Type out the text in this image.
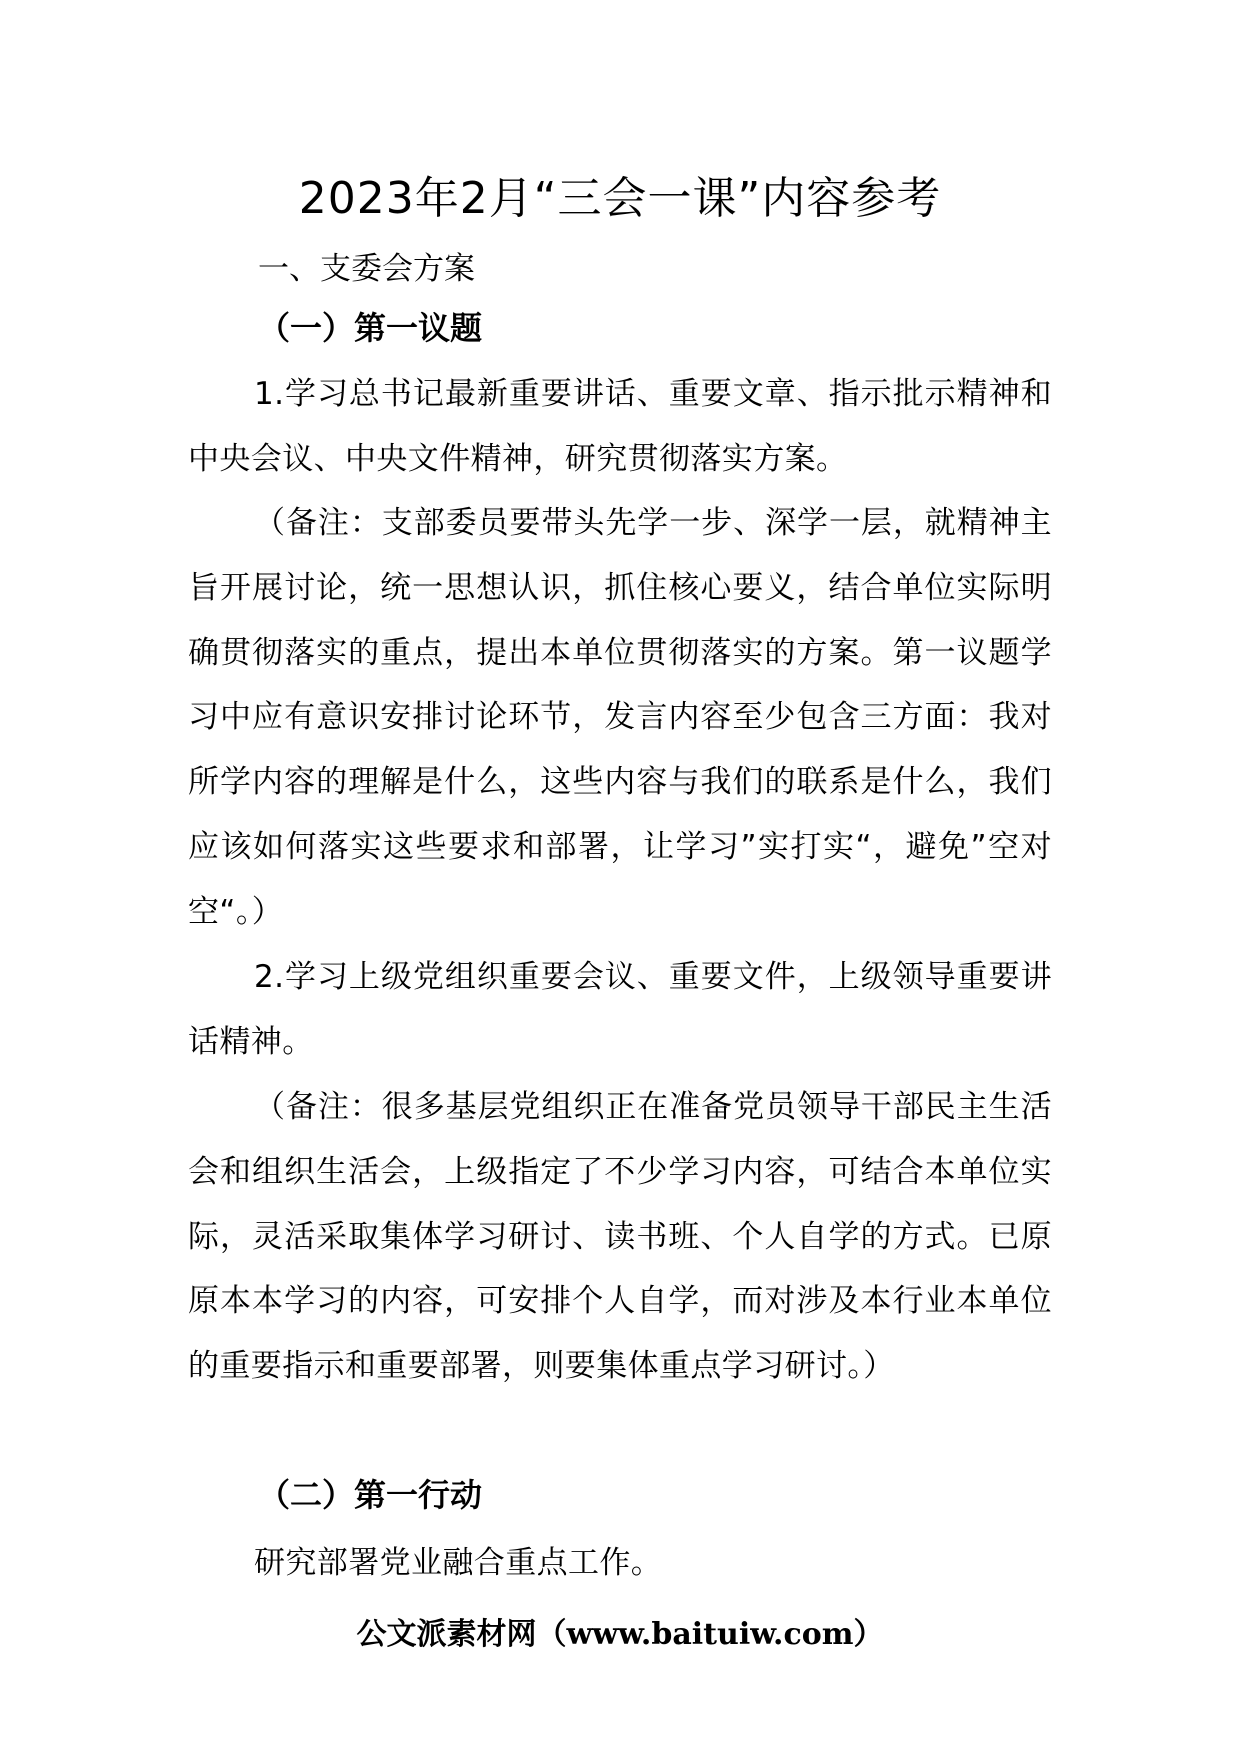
2023年2月“三会一课”内容参考
一、支委会方案
（一）第一议题
1.学习总书记最新重要讲话、重要文章、指示批示精神和中央会议、中央文件精神，研究贯彻落实方案。
（备注：支部委员要带头先学一步、深学一层，就精神主旨开展讨论，统一思想认识，抓住核心要义，结合单位实际明确贯彻落实的重点，提出本单位贯彻落实的方案。第一议题学习中应有意识安排讨论环节，发言内容至少包含三方面：我对所学内容的理解是什么，这些内容与我们的联系是什么，我们应该如何落实这些要求和部署，让学习”实打实“，避免”空对空“。）
2.学习上级党组织重要会议、重要文件，上级领导重要讲话精神。
（备注：很多基层党组织正在准备党员领导干部民主生活会和组织生活会，上级指定了不少学习内容，可结合本单位实际，灵活采取集体学习研讨、读书班、个人自学的方式。已原原本本学习的内容，可安排个人自学，而对涉及本行业本单位的重要指示和重要部署，则要集体重点学习研讨。）
（二）第一行动
研究部署党业融合重点工作。
公文派素材网（www.baituiw.com）
